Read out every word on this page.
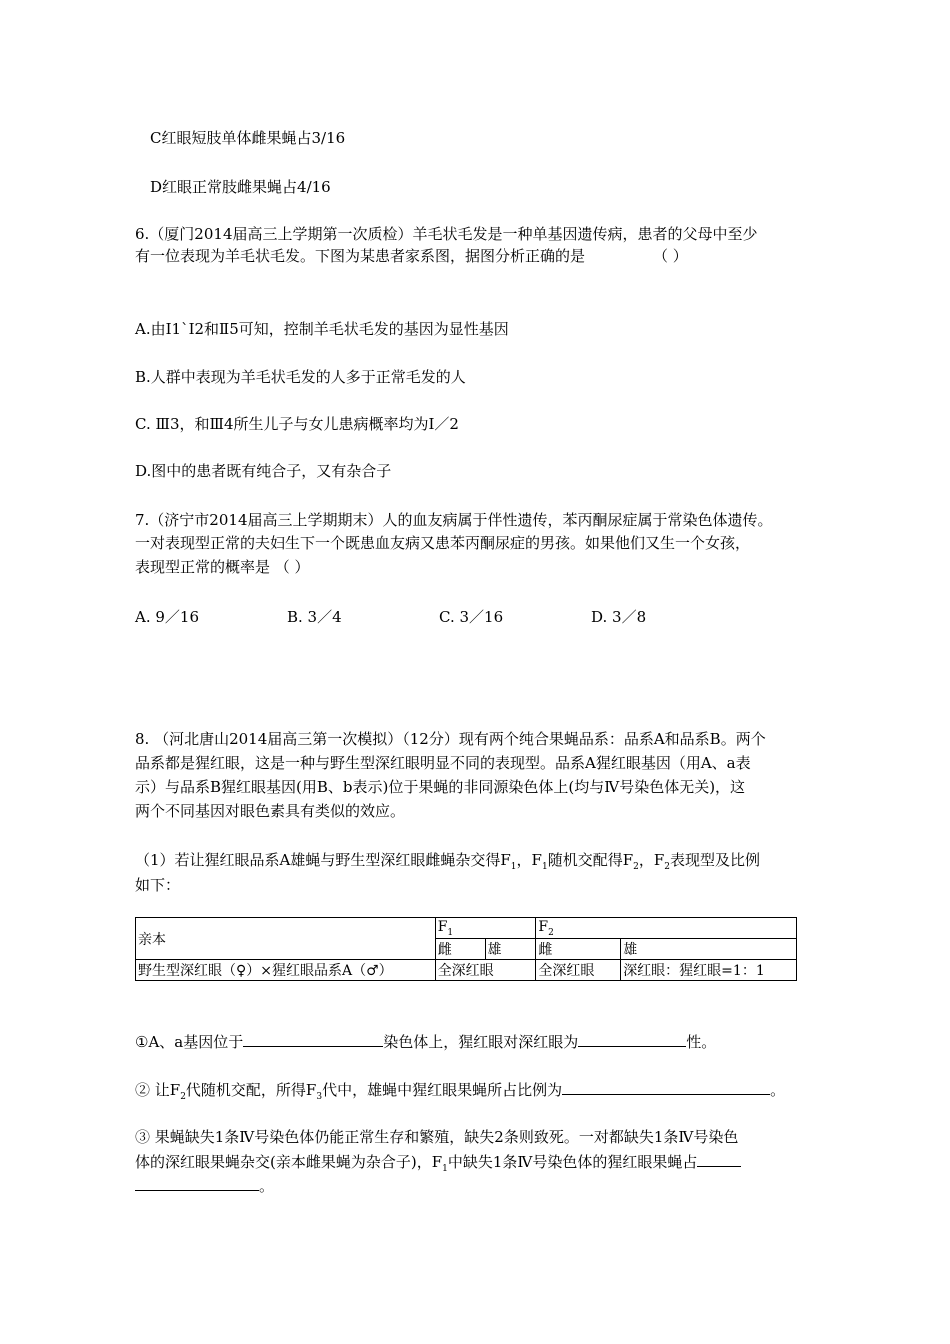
C红眼短肢单体雌果蝇占3/16
D红眼正常肢雌果蝇占4/16
6.（厦门2014届高三上学期第一次质检）羊毛状毛发是一种单基因遗传病，患者的父母中至少
有一位表现为羊毛状毛发。下图为某患者家系图，据图分析正确的是	（ ）
A.由I1`I2和Ⅱ5可知，控制羊毛状毛发的基因为显性基因
B.人群中表现为羊毛状毛发的人多于正常毛发的人
C. Ⅲ3，和Ⅲ4所生儿子与女儿患病概率均为I／2
D.图中的患者既有纯合子，又有杂合子
7.（济宁市2014届高三上学期期末）人的血友病属于伴性遗传，苯丙酮尿症属于常染色体遗传。
一对表现型正常的夫妇生下一个既患血友病又患苯丙酮尿症的男孩。如果他们又生一个女孩，
表现型正常的概率是 （ ）
A. 9／16	B. 3／4	C. 3／16	D. 3／8
8. （河北唐山2014届高三第一次模拟）（12分）现有两个纯合果蝇品系：品系A和品系B。两个
品系都是猩红眼，这是一种与野生型深红眼明显不同的表现型。品系A猩红眼基因（用A、a表
示）与品系B猩红眼基因(用B、b表示)位于果蝇的非同源染色体上(均与Ⅳ号染色体无关)，这
两个不同基因对眼色素具有类似的效应。
（1）若让猩红眼品系A雄蝇与野生型深红眼雌蝇杂交得$F_1$，$F_1$随机交配得$F_2$，$F_2$表现型及比例
如下：
亲本	$F_1$		$F_2$
	雌	雄	雌	雄
野生型深红眼（♀）×猩红眼品系A（♂）	全深红眼		全深红眼	深红眼：猩红眼=1：1
①A、a基因位于	染色体上，猩红眼对深红眼为	性。
② 让$F_2$代随机交配，所得$F_3$代中，雄蝇中猩红眼果蝇所占比例为	。
③ 果蝇缺失1条Ⅳ号染色体仍能正常生存和繁殖，缺失2条则致死。一对都缺失1条Ⅳ号染色
体的深红眼果蝇杂交(亲本雌果蝇为杂合子)，$F_1$中缺失1条Ⅳ号染色体的猩红眼果蝇占
。
